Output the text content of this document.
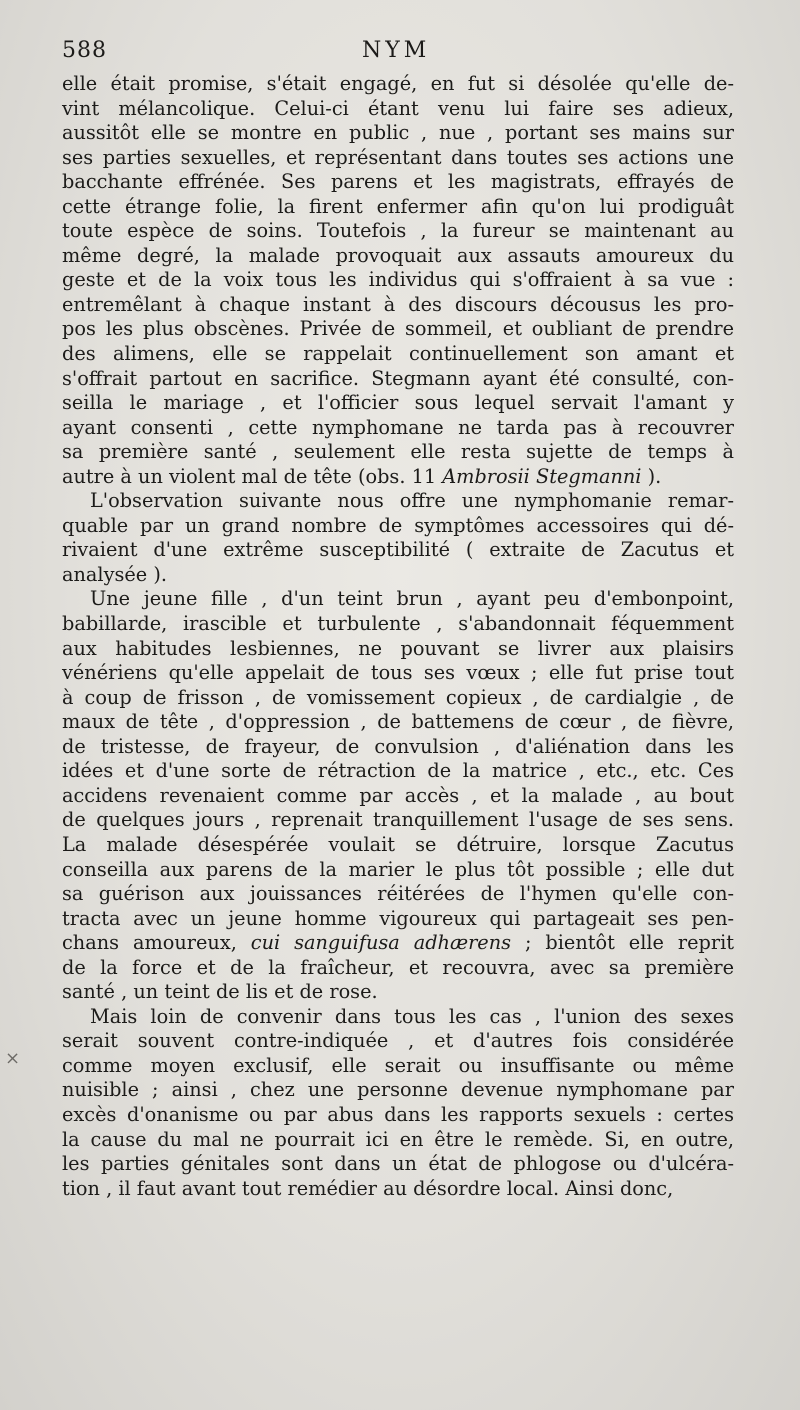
588	NYM
elle était promise, s'était engagé, en fut si désolée qu'elle de-
vint mélancolique. Celui-ci étant venu lui faire ses adieux,
aussitôt elle se montre en public , nue , portant ses mains sur
ses parties sexuelles, et représentant dans toutes ses actions une
bacchante effrénée. Ses parens et les magistrats, effrayés de
cette étrange folie, la firent enfermer afin qu'on lui prodiguât
toute espèce de soins. Toutefois , la fureur se maintenant au
même degré, la malade provoquait aux assauts amoureux du
geste et de la voix tous les individus qui s'offraient à sa vue :
entremêlant à chaque instant à des discours décousus les pro-
pos les plus obscènes. Privée de sommeil, et oubliant de prendre
des alimens, elle se rappelait continuellement son amant et
s'offrait partout en sacrifice. Stegmann ayant été consulté, con-
seilla le mariage , et l'officier sous lequel servait l'amant y
ayant consenti , cette nymphomane ne tarda pas à recouvrer
sa première santé , seulement elle resta sujette de temps à
autre à un violent mal de tête (obs. 11 Ambrosii Stegmanni ).
L'observation suivante nous offre une nymphomanie remar-
quable par un grand nombre de symptômes accessoires qui dé-
rivaient d'une extrême susceptibilité ( extraite de Zacutus et
analysée ).
Une jeune fille , d'un teint brun , ayant peu d'embonpoint,
babillarde, irascible et turbulente , s'abandonnait féquemment
aux habitudes lesbiennes, ne pouvant se livrer aux plaisirs
vénériens qu'elle appelait de tous ses vœux ; elle fut prise tout
à coup de frisson , de vomissement copieux , de cardialgie , de
maux de tête , d'oppression , de battemens de cœur , de fièvre,
de tristesse, de frayeur, de convulsion , d'aliénation dans les
idées et d'une sorte de rétraction de la matrice , etc., etc. Ces
accidens revenaient comme par accès , et la malade , au bout
de quelques jours , reprenait tranquillement l'usage de ses sens.
La malade désespérée voulait se détruire, lorsque Zacutus
conseilla aux parens de la marier le plus tôt possible ; elle dut
sa guérison aux jouissances réitérées de l'hymen qu'elle con-
tracta avec un jeune homme vigoureux qui partageait ses pen-
chans amoureux, cui sanguifusa adhærens ; bientôt elle reprit
de la force et de la fraîcheur, et recouvra, avec sa première
santé , un teint de lis et de rose.
Mais loin de convenir dans tous les cas , l'union des sexes
serait souvent contre-indiquée , et d'autres fois considérée
comme moyen exclusif, elle serait ou insuffisante ou même
nuisible ; ainsi , chez une personne devenue nymphomane par
excès d'onanisme ou par abus dans les rapports sexuels : certes
la cause du mal ne pourrait ici en être le remède. Si, en outre,
les parties génitales sont dans un état de phlogose ou d'ulcéra-
tion , il faut avant tout remédier au désordre local. Ainsi donc,
×
